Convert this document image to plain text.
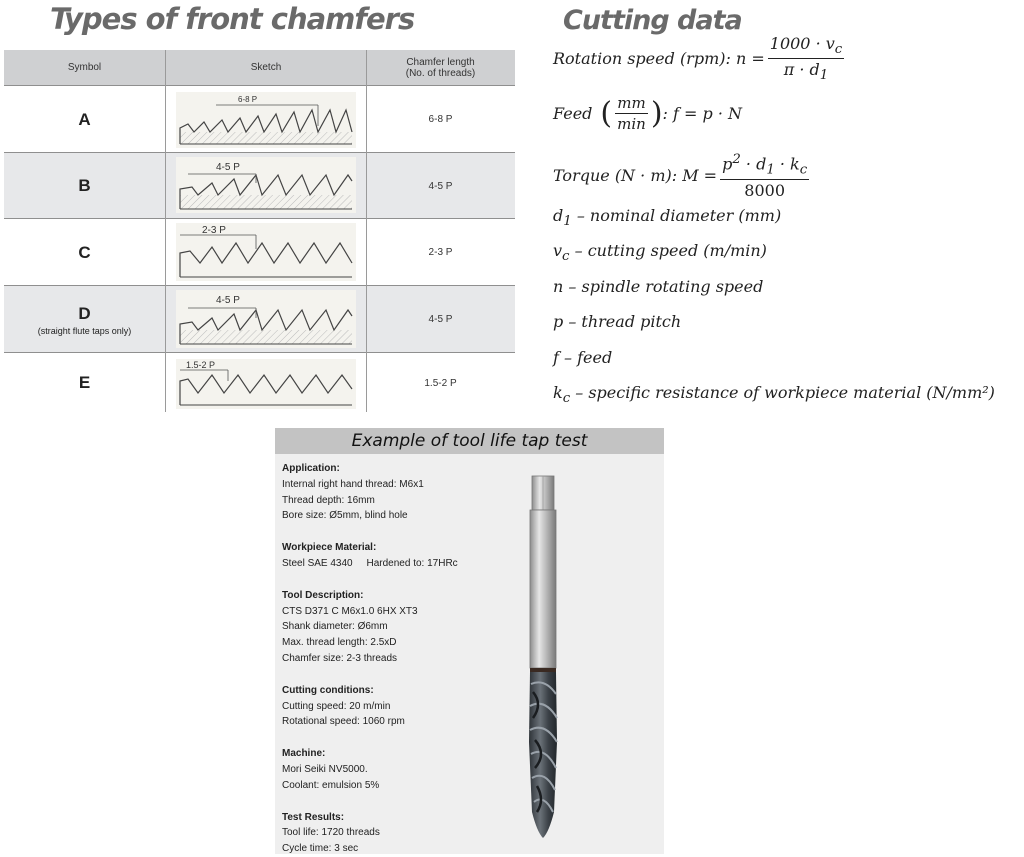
Types of front chamfers
Symbol	Sketch	Chamfer length
(No. of threads)
A
6-8 P
6-8 P
B
4-5 P
4-5 P
C
2-3 P
2-3 P
D
(straight flute taps only)
4-5 P
4-5 P
E
1.5-2 P
1.5-2 P
Cutting data
Rotation speed (rpm): $n = \frac{1000 \cdot v_c}{\pi \cdot d_1}$
Feed ( $\frac{mm}{\min}$ ) : f = p · N
Torque (N · m): $M = \frac{p^2 \cdot d_1 \cdot k_c}{8000}$
$d_1$ – nominal diameter (mm)
$v_c$ – cutting speed (m/min)
n – spindle rotating speed
p – thread pitch
f – feed
$k_c$ – specific resistance of workpiece material (N/mm²)
Example of tool life tap test
Application:
Internal right hand thread: M6x1
Thread depth: 16mm
Bore size: Ø5mm, blind hole
Workpiece Material:
Steel SAE 4340     Hardened to: 17HRc
Tool Description:
CTS D371 C M6x1.0 6HX XT3
Shank diameter: Ø6mm
Max. thread length: 2.5xD
Chamfer size: 2-3 threads
Cutting conditions:
Cutting speed: 20 m/min
Rotational speed: 1060 rpm
Machine:
Mori Seiki NV5000.
Coolant: emulsion 5%
Test Results:
Tool life: 1720 threads
Cycle time: 3 sec
